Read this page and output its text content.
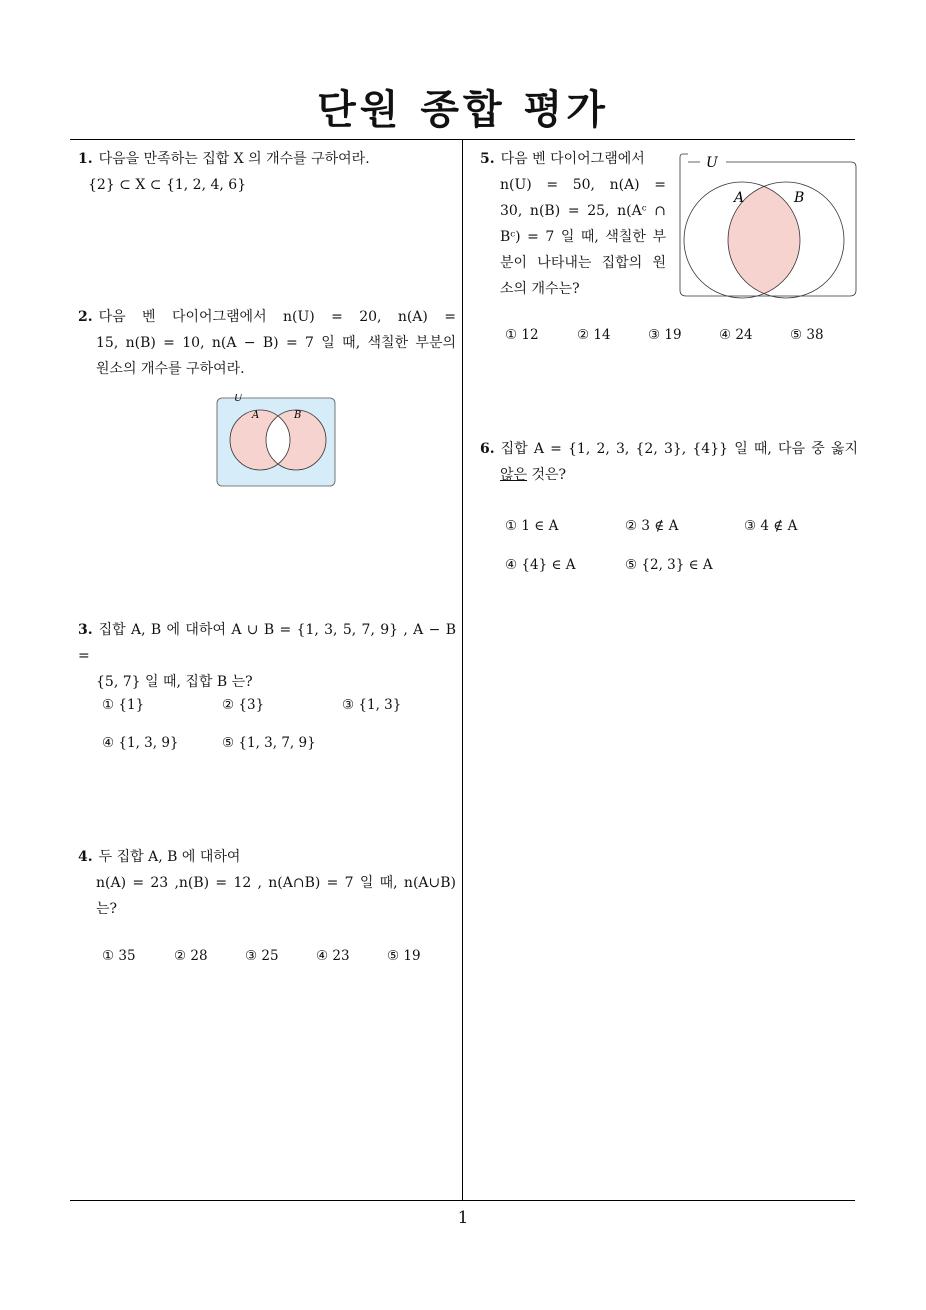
단원 종합 평가
1. 다음을 만족하는 집합 X 의 개수를 구하여라.
{2} ⊂ X ⊂ {1, 2, 4, 6}
2. 다음 벤 다이어그램에서 n(U) = 20, n(A) =
15, n(B) = 10, n(A − B) = 7 일 때, 색칠한 부분의
원소의 개수를 구하여라.
U
A	B
3. 집합 A, B 에 대하여 A ∪ B = {1, 3, 5, 7, 9} , A − B =
{5, 7} 일 때, 집합 B 는?
① {1}	② {3}	③ {1, 3}
④ {1, 3, 9}	⑤ {1, 3, 7, 9}
4. 두 집합 A, B 에 대하여
n(A) = 23 ,n(B) = 12 , n(A∩B) = 7 일 때, n(A∪B)
는?
① 35	② 28	③ 25	④ 23	⑤ 19
5. 다음 벤 다이어그램에서
n(U) = 50, n(A) =
30, n(B) = 25, n(Aᶜ ∩
Bᶜ) = 7 일 때, 색칠한 부
분이 나타내는 집합의 원
소의 개수는?
U
A	B
① 12	② 14	③ 19	④ 24	⑤ 38
6. 집합 A = {1, 2, 3, {2, 3}, {4}} 일 때, 다음 중 옳지
않은 것은?
① 1 ∈ A	② 3 ∉ A	③ 4 ∉ A
④ {4} ∈ A	⑤ {2, 3} ∈ A
1
